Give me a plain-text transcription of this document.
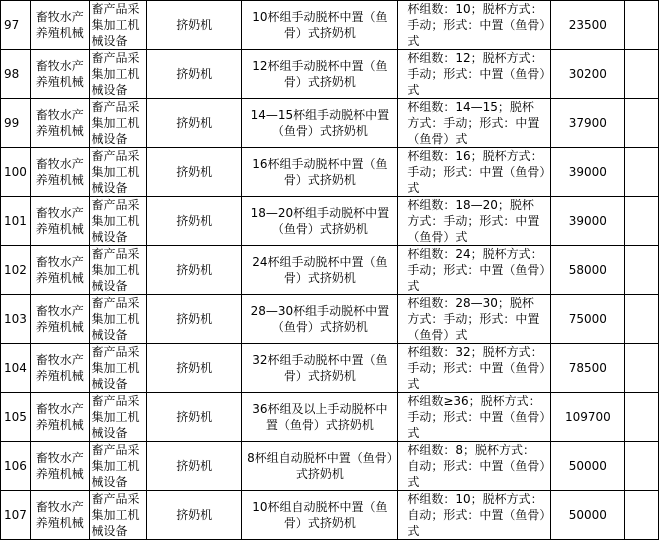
97	畜牧水产养殖机械	畜产品采集加工机械设备	挤奶机	10杯组手动脱杯中置（鱼骨）式挤奶机	杯组数：10；脱杯方式：手动；形式：中置（鱼骨）式	23500	
98	畜牧水产养殖机械	畜产品采集加工机械设备	挤奶机	12杯组手动脱杯中置（鱼骨）式挤奶机	杯组数：12；脱杯方式：手动；形式：中置（鱼骨）式	30200	
99	畜牧水产养殖机械	畜产品采集加工机械设备	挤奶机	14—15杯组手动脱杯中置（鱼骨）式挤奶机	杯组数：14—15；脱杯方式：手动；形式：中置（鱼骨）式	37900	
100	畜牧水产养殖机械	畜产品采集加工机械设备	挤奶机	16杯组手动脱杯中置（鱼骨）式挤奶机	杯组数：16；脱杯方式：手动；形式：中置（鱼骨）式	39000	
101	畜牧水产养殖机械	畜产品采集加工机械设备	挤奶机	18—20杯组手动脱杯中置（鱼骨）式挤奶机	杯组数：18—20；脱杯方式：手动；形式：中置（鱼骨）式	39000	
102	畜牧水产养殖机械	畜产品采集加工机械设备	挤奶机	24杯组手动脱杯中置（鱼骨）式挤奶机	杯组数：24；脱杯方式：手动；形式：中置（鱼骨）式	58000	
103	畜牧水产养殖机械	畜产品采集加工机械设备	挤奶机	28—30杯组手动脱杯中置（鱼骨）式挤奶机	杯组数：28—30；脱杯方式：手动；形式：中置（鱼骨）式	75000	
104	畜牧水产养殖机械	畜产品采集加工机械设备	挤奶机	32杯组手动脱杯中置（鱼骨）式挤奶机	杯组数：32；脱杯方式：手动；形式：中置（鱼骨）式	78500	
105	畜牧水产养殖机械	畜产品采集加工机械设备	挤奶机	36杯组及以上手动脱杯中置（鱼骨）式挤奶机	杯组数≥36；脱杯方式：手动；形式：中置（鱼骨）式	109700	
106	畜牧水产养殖机械	畜产品采集加工机械设备	挤奶机	8杯组自动脱杯中置（鱼骨）式挤奶机	杯组数：8；脱杯方式：自动；形式：中置（鱼骨）式	50000	
107	畜牧水产养殖机械	畜产品采集加工机械设备	挤奶机	10杯组自动脱杯中置（鱼骨）式挤奶机	杯组数：10；脱杯方式：自动；形式：中置（鱼骨）式	50000	
